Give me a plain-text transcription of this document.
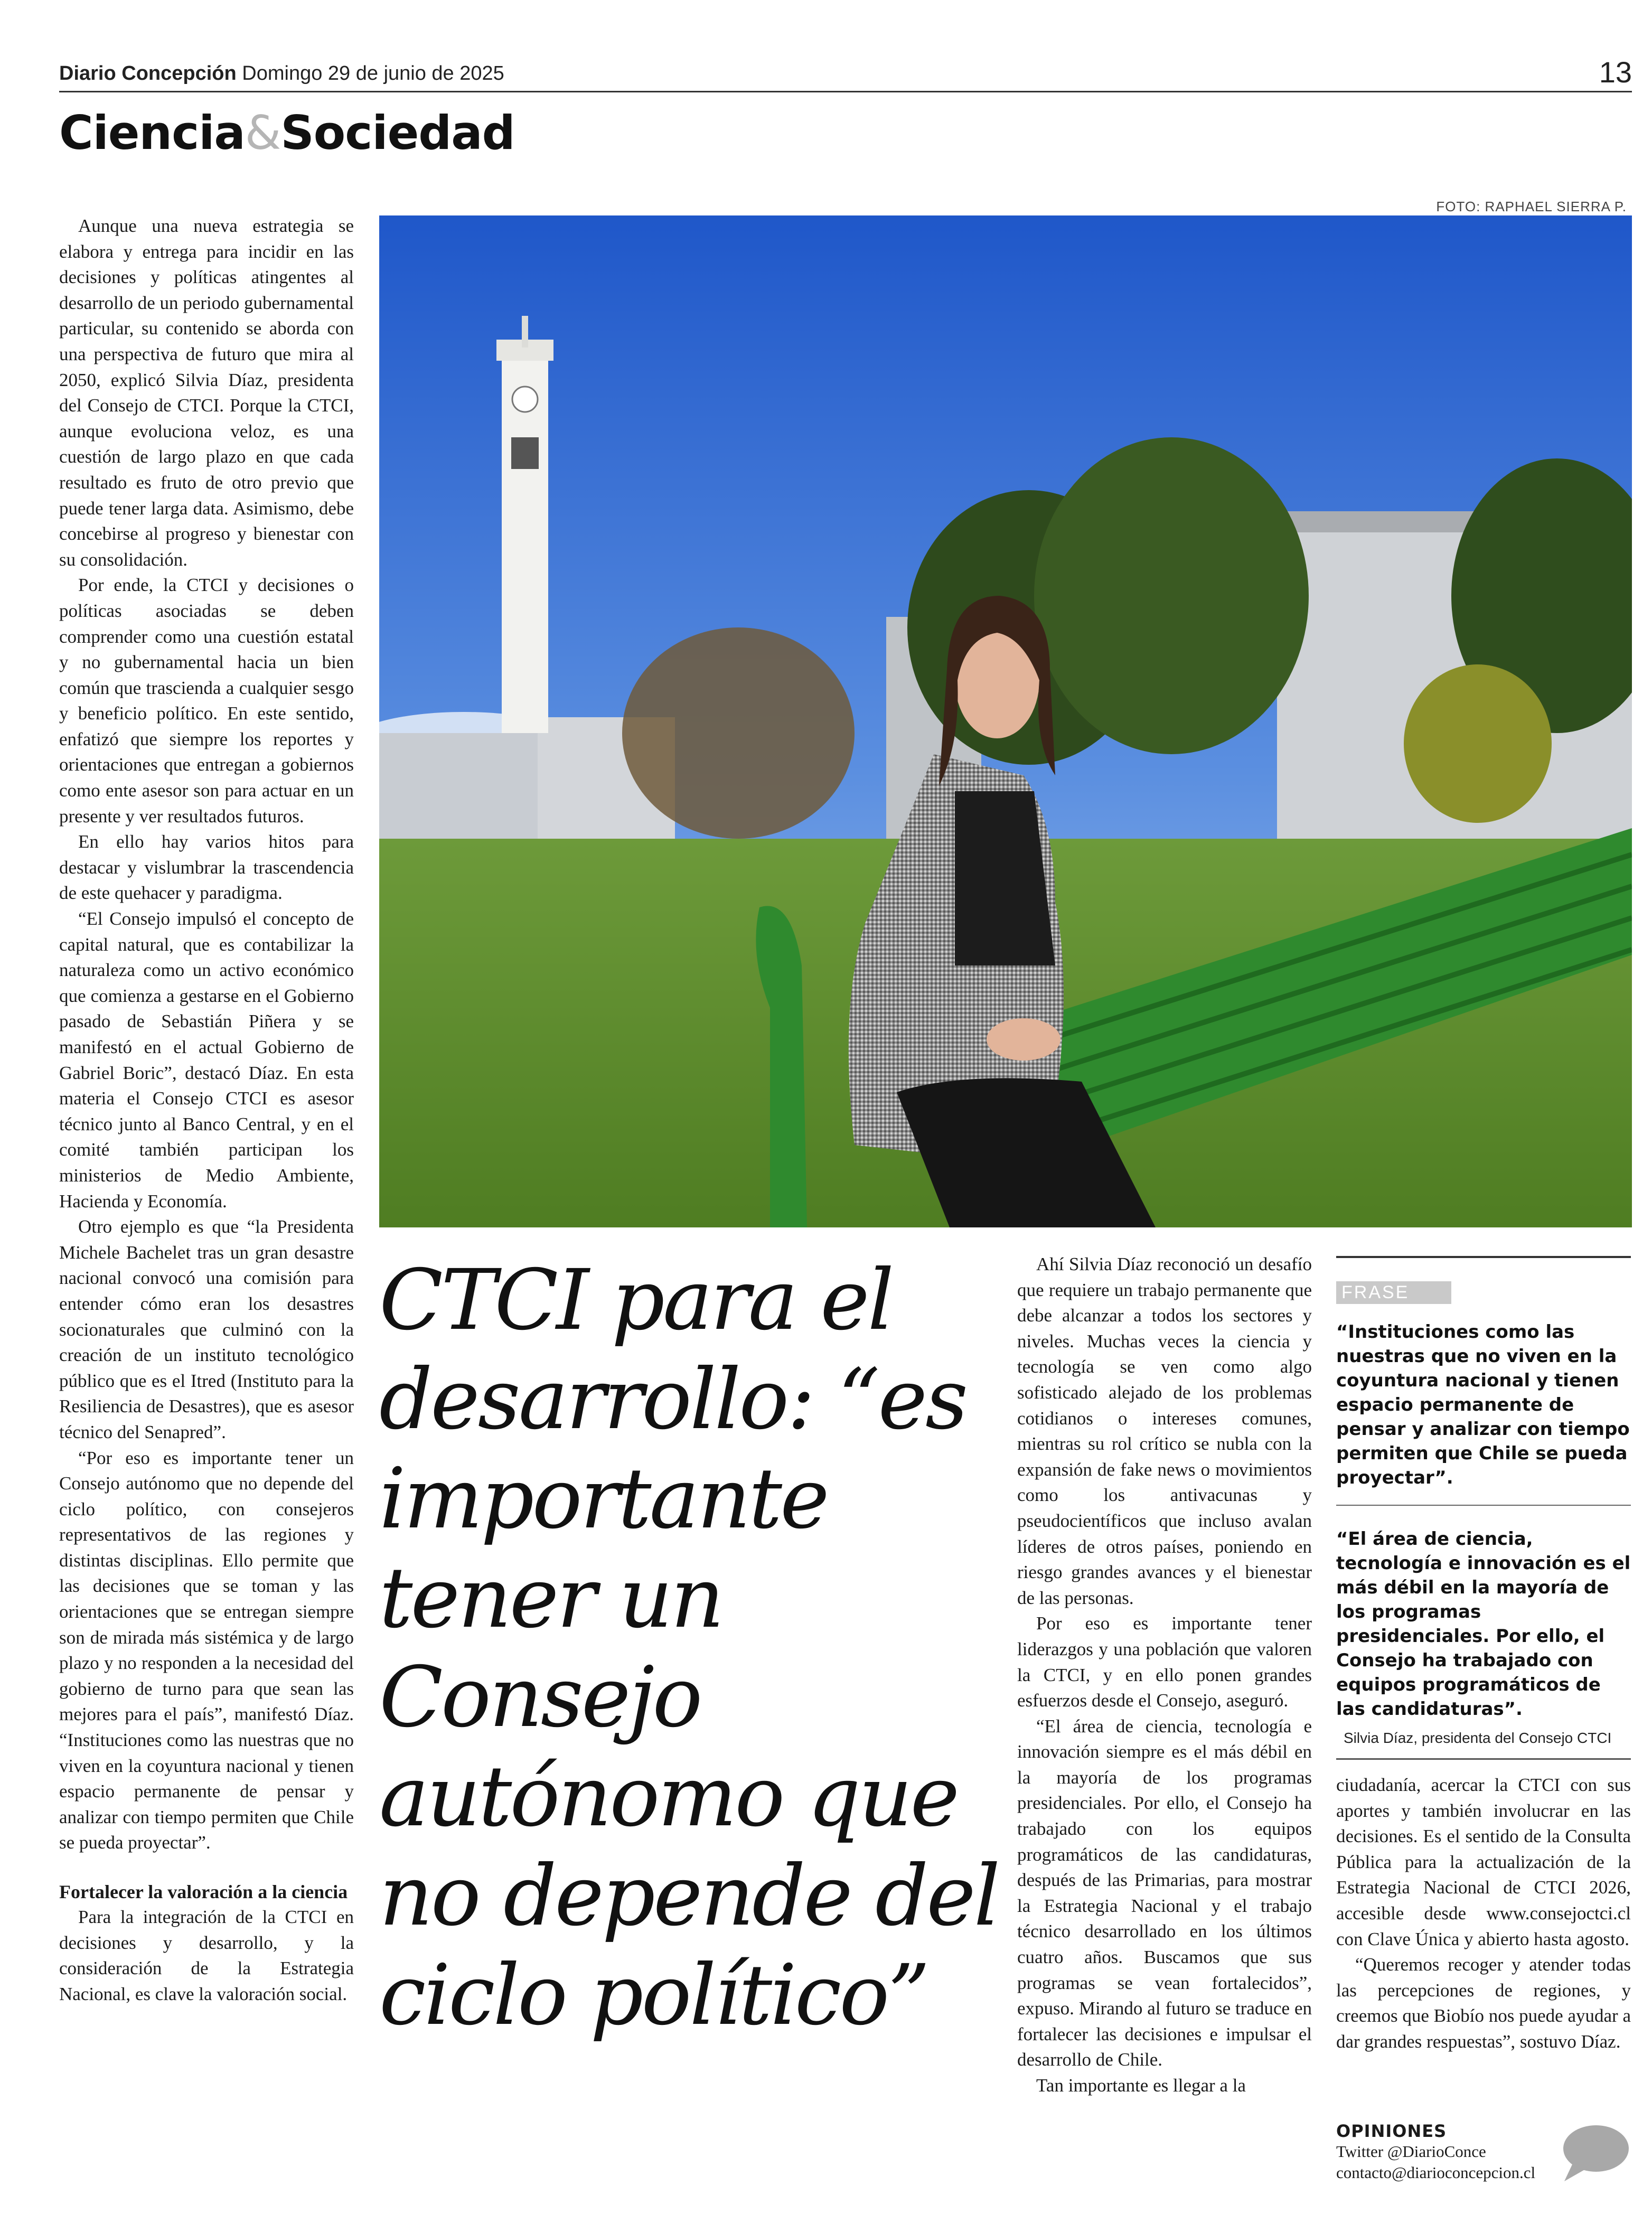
Diario Concepción Domingo 29 de junio de 2025	13
Ciencia&Sociedad
FOTO: RAPHAEL SIERRA P.

Aunque una nueva estrategia se elabora y entrega para incidir en las decisiones y políticas atingentes al desarrollo de un periodo gubernamental particular, su contenido se aborda con una perspectiva de futuro que mira al 2050, explicó Silvia Díaz, presidenta del Consejo de CTCI. Porque la CTCI, aunque evoluciona veloz, es una cuestión de largo plazo en que cada resultado es fruto de otro previo que puede tener larga data. Asimismo, debe concebirse al progreso y bienestar con su consolidación.

Por ende, la CTCI y decisiones o políticas asociadas se deben comprender como una cuestión estatal y no gubernamental hacia un bien común que trascienda a cualquier sesgo y beneficio político. En este sentido, enfatizó que siempre los reportes y orientaciones que entregan a gobiernos como ente asesor son para actuar en un presente y ver resultados futuros.

En ello hay varios hitos para destacar y vislumbrar la trascendencia de este quehacer y paradigma.

“El Consejo impulsó el concepto de capital natural, que es contabilizar la naturaleza como un activo económico que comienza a gestarse en el Gobierno pasado de Sebastián Piñera y se manifestó en el actual Gobierno de Gabriel Boric”, destacó Díaz. En esta materia el Consejo CTCI es asesor técnico junto al Banco Central, y en el comité también participan los ministerios de Medio Ambiente, Hacienda y Economía.

Otro ejemplo es que “la Presidenta Michele Bachelet tras un gran desastre nacional convocó una comisión para entender cómo eran los desastres socionaturales que culminó con la creación de un instituto tecnológico público que es el Itred (Instituto para la Resiliencia de Desastres), que es asesor técnico del Senapred”.

“Por eso es importante tener un Consejo autónomo que no depende del ciclo político, con consejeros representativos de las regiones y distintas disciplinas. Ello permite que las decisiones que se toman y las orientaciones que se entregan siempre son de mirada más sistémica y de largo plazo y no responden a la necesidad del gobierno de turno para que sean las mejores para el país”, manifestó Díaz. “Instituciones como las nuestras que no viven en la coyuntura nacional y tienen espacio permanente de pensar y analizar con tiempo permiten que Chile se pueda proyectar”.

Fortalecer la valoración a la ciencia

Para la integración de la CTCI en decisiones y desarrollo, y la consideración de la Estrategia Nacional, es clave la valoración social.

CTCI para el desarrollo: “es importante tener un Consejo autónomo que no depende del ciclo político”

Ahí Silvia Díaz reconoció un desafío que requiere un trabajo permanente que debe alcanzar a todos los sectores y niveles. Muchas veces la ciencia y tecnología se ven como algo sofisticado alejado de los problemas cotidianos o intereses comunes, mientras su rol crítico se nubla con la expansión de fake news o movimientos como los antivacunas y pseudocientíficos que incluso avalan líderes de otros países, poniendo en riesgo grandes avances y el bienestar de las personas.

Por eso es importante tener liderazgos y una población que valoren la CTCI, y en ello ponen grandes esfuerzos desde el Consejo, aseguró.

“El área de ciencia, tecnología e innovación siempre es el más débil en la mayoría de los programas presidenciales. Por ello, el Consejo ha trabajado con los equipos programáticos de las candidaturas, después de las Primarias, para mostrar la Estrategia Nacional y el trabajo técnico desarrollado en los últimos cuatro años. Buscamos que sus programas se vean fortalecidos”, expuso. Mirando al futuro se traduce en fortalecer las decisiones e impulsar el desarrollo de Chile.

Tan importante es llegar a la

FRASE

“Instituciones como las nuestras que no viven en la coyuntura nacional y tienen espacio permanente de pensar y analizar con tiempo permiten que Chile se pueda proyectar”.

“El área de ciencia, tecnología e innovación es el más débil en la mayoría de los programas presidenciales. Por ello, el Consejo ha trabajado con equipos programáticos de las candidaturas”.

Silvia Díaz, presidenta del Consejo CTCI

ciudadanía, acercar la CTCI con sus aportes y también involucrar en las decisiones. Es el sentido de la Consulta Pública para la actualización de la Estrategia Nacional de CTCI 2026, accesible desde www.consejoctci.cl con Clave Única y abierto hasta agosto.

“Queremos recoger y atender todas las percepciones de regiones, y creemos que Biobío nos puede ayudar a dar grandes respuestas”, sostuvo Díaz.

OPINIONES
Twitter @DiarioConce
contacto@diarioconcepcion.cl
